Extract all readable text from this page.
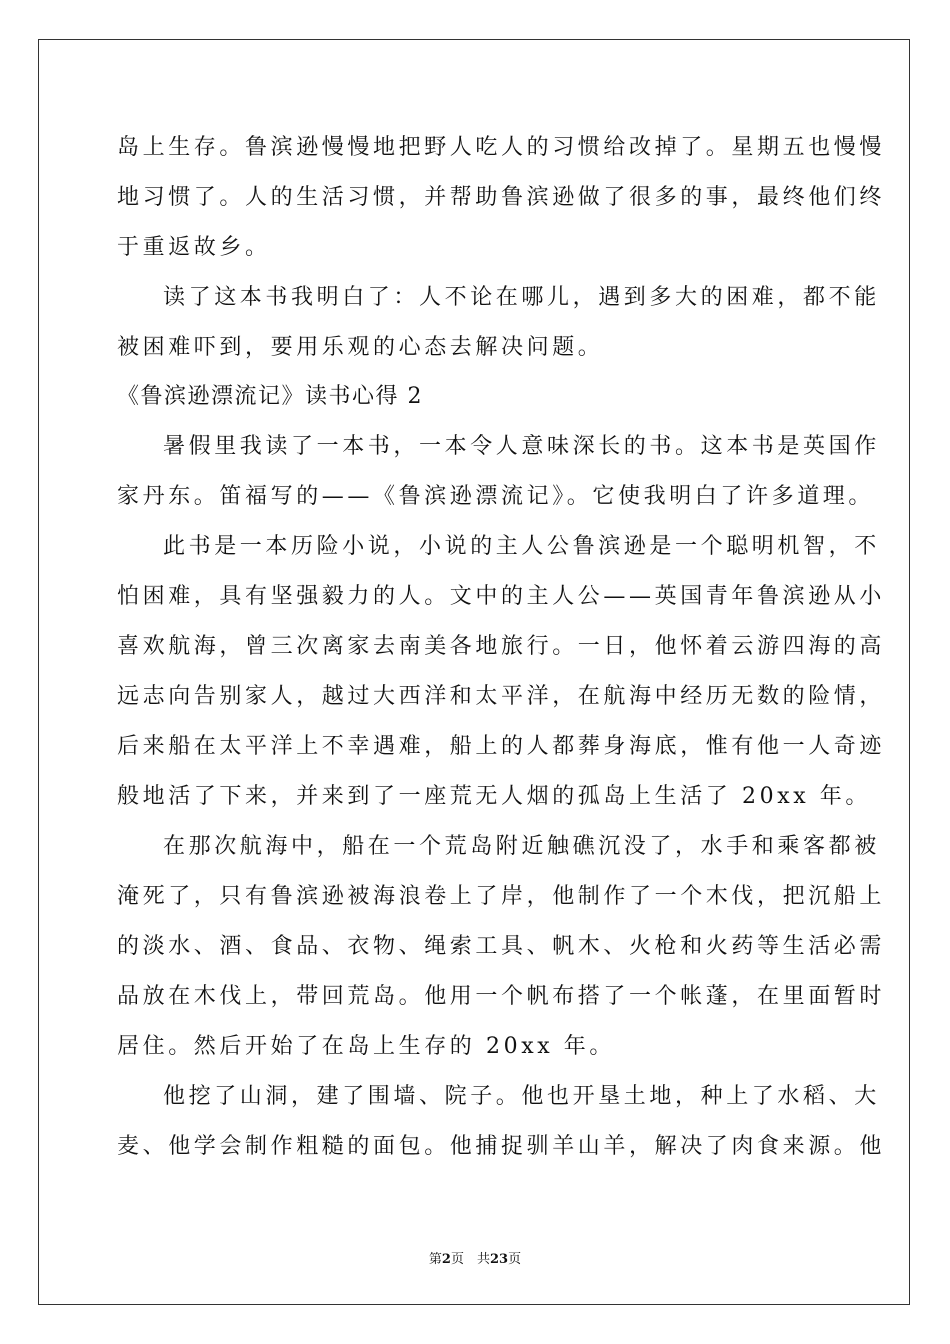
岛上生存。鲁滨逊慢慢地把野人吃人的习惯给改掉了。星期五也慢慢

地习惯了。人的生活习惯，并帮助鲁滨逊做了很多的事，最终他们终

于重返故乡。

读了这本书我明白了：人不论在哪儿，遇到多大的困难，都不能

被困难吓到，要用乐观的心态去解决问题。

《鲁滨逊漂流记》读书心得 2

暑假里我读了一本书，一本令人意味深长的书。这本书是英国作

家丹东。笛福写的——《鲁滨逊漂流记》。它使我明白了许多道理。

此书是一本历险小说，小说的主人公鲁滨逊是一个聪明机智，不

怕困难，具有坚强毅力的人。文中的主人公——英国青年鲁滨逊从小

喜欢航海，曾三次离家去南美各地旅行。一日，他怀着云游四海的高

远志向告别家人，越过大西洋和太平洋，在航海中经历无数的险情，

后来船在太平洋上不幸遇难，船上的人都葬身海底，惟有他一人奇迹

般地活了下来，并来到了一座荒无人烟的孤岛上生活了 20xx 年。

在那次航海中，船在一个荒岛附近触礁沉没了，水手和乘客都被

淹死了，只有鲁滨逊被海浪卷上了岸，他制作了一个木伐，把沉船上

的淡水、酒、食品、衣物、绳索工具、帆木、火枪和火药等生活必需

品放在木伐上，带回荒岛。他用一个帆布搭了一个帐蓬，在里面暂时

居住。然后开始了在岛上生存的 20xx 年。

他挖了山洞，建了围墙、院子。他也开垦土地，种上了水稻、大

麦、他学会制作粗糙的面包。他捕捉驯羊山羊，解决了肉食来源。他

第2页　共23页
